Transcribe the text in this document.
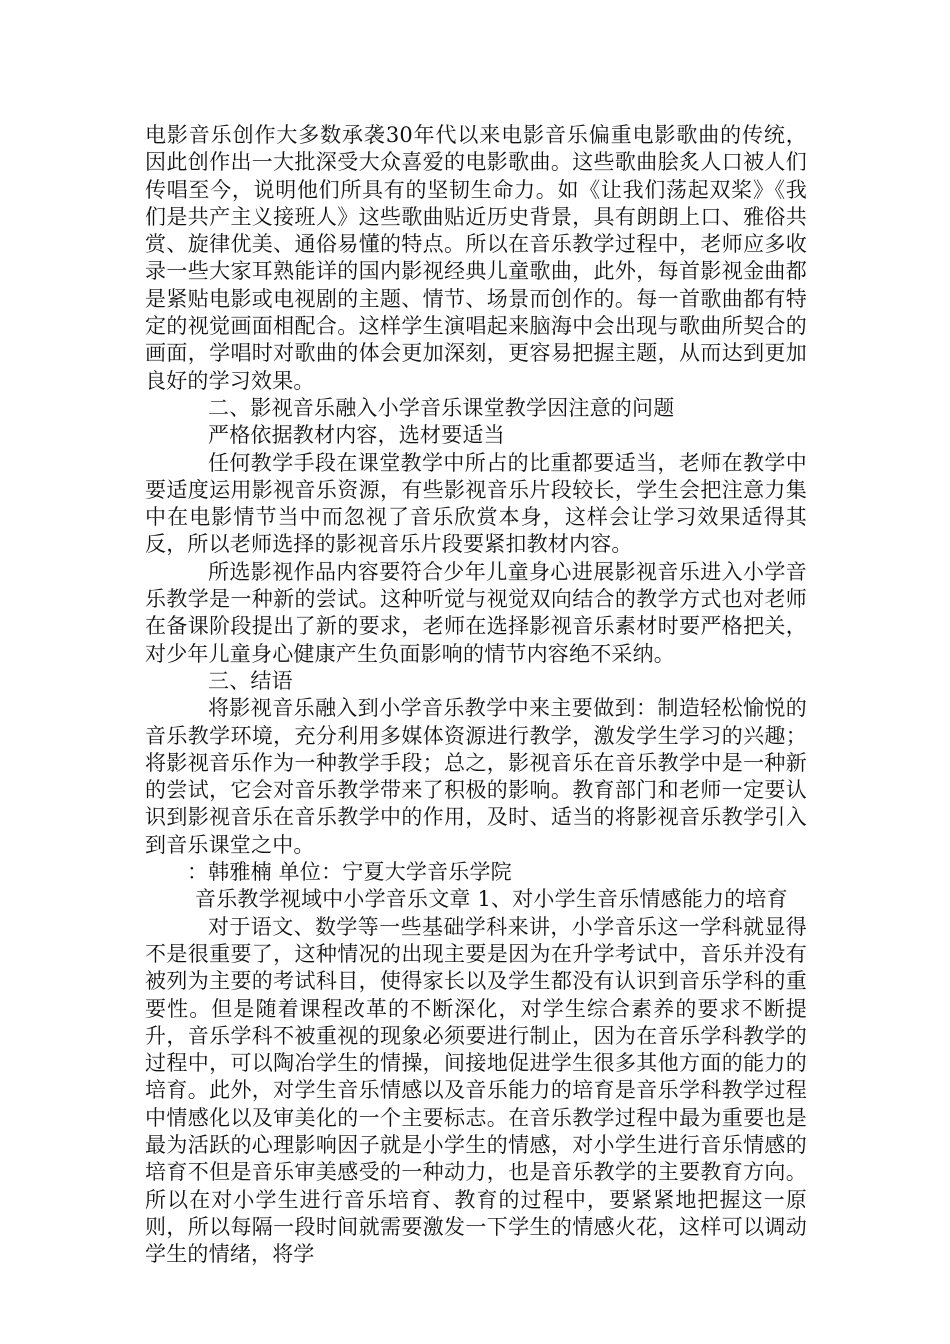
电影音乐创作大多数承袭30年代以来电影音乐偏重电影歌曲的传统，因此创作出一大批深受大众喜爱的电影歌曲。这些歌曲脍炙人口被人们传唱至今，说明他们所具有的坚韧生命力。如《让我们荡起双桨》《我们是共产主义接班人》这些歌曲贴近历史背景，具有朗朗上口、雅俗共赏、旋律优美、通俗易懂的特点。所以在音乐教学过程中，老师应多收录一些大家耳熟能详的国内影视经典儿童歌曲，此外，每首影视金曲都是紧贴电影或电视剧的主题、情节、场景而创作的。每一首歌曲都有特定的视觉画面相配合。这样学生演唱起来脑海中会出现与歌曲所契合的画面，学唱时对歌曲的体会更加深刻，更容易把握主题，从而达到更加良好的学习效果。

二、影视音乐融入小学音乐课堂教学因注意的问题

严格依据教材内容，选材要适当

任何教学手段在课堂教学中所占的比重都要适当，老师在教学中要适度运用影视音乐资源，有些影视音乐片段较长，学生会把注意力集中在电影情节当中而忽视了音乐欣赏本身，这样会让学习效果适得其反，所以老师选择的影视音乐片段要紧扣教材内容。

所选影视作品内容要符合少年儿童身心进展影视音乐进入小学音乐教学是一种新的尝试。这种听觉与视觉双向结合的教学方式也对老师在备课阶段提出了新的要求，老师在选择影视音乐素材时要严格把关，对少年儿童身心健康产生负面影响的情节内容绝不采纳。

三、结语

将影视音乐融入到小学音乐教学中来主要做到：制造轻松愉悦的音乐教学环境，充分利用多媒体资源进行教学，激发学生学习的兴趣；将影视音乐作为一种教学手段；总之，影视音乐在音乐教学中是一种新的尝试，它会对音乐教学带来了积极的影响。教育部门和老师一定要认识到影视音乐在音乐教学中的作用，及时、适当的将影视音乐教学引入到音乐课堂之中。

：韩雅楠 单位：宁夏大学音乐学院

音乐教学视域中小学音乐文章 1、对小学生音乐情感能力的培育

对于语文、数学等一些基础学科来讲，小学音乐这一学科就显得不是很重要了，这种情况的出现主要是因为在升学考试中，音乐并没有被列为主要的考试科目，使得家长以及学生都没有认识到音乐学科的重要性。但是随着课程改革的不断深化，对学生综合素养的要求不断提升，音乐学科不被重视的现象必须要进行制止，因为在音乐学科教学的过程中，可以陶冶学生的情操，间接地促进学生很多其他方面的能力的培育。此外，对学生音乐情感以及音乐能力的培育是音乐学科教学过程中情感化以及审美化的一个主要标志。在音乐教学过程中最为重要也是最为活跃的心理影响因子就是小学生的情感，对小学生进行音乐情感的培育不但是音乐审美感受的一种动力，也是音乐教学的主要教育方向。所以在对小学生进行音乐培育、教育的过程中，要紧紧地把握这一原则，所以每隔一段时间就需要激发一下学生的情感火花，这样可以调动学生的情绪，将学
